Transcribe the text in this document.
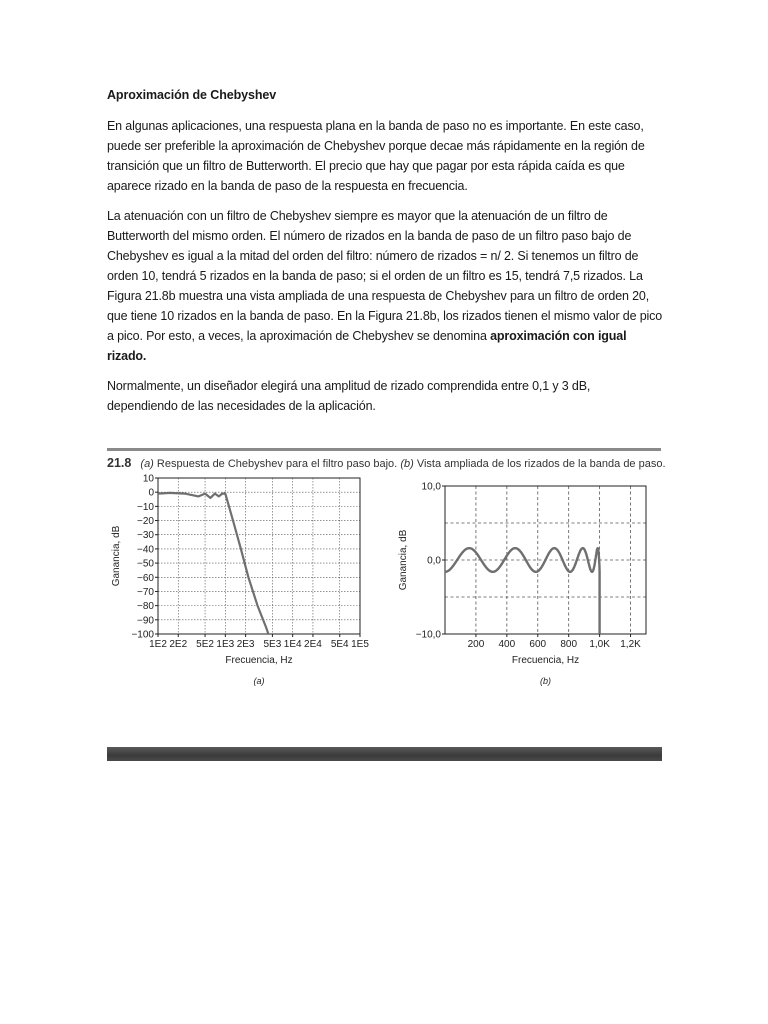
Aproximación de Chebyshev

En algunas aplicaciones, una respuesta plana en la banda de paso no es importante. En este caso, puede ser preferible la aproximación de Chebyshev porque decae más rápidamente en la región de transición que un filtro de Butterworth. El precio que hay que pagar por esta rápida caída es que aparece rizado en la banda de paso de la respuesta en frecuencia.

La atenuación con un filtro de Chebyshev siempre es mayor que la atenuación de un filtro de Butterworth del mismo orden. El número de rizados en la banda de paso de un filtro paso bajo de Chebyshev es igual a la mitad del orden del filtro: número de rizados = n/ 2. Si tenemos un filtro de orden 10, tendrá 5 rizados en la banda de paso; si el orden de un filtro es 15, tendrá 7,5 rizados. La Figura 21.8b muestra una vista ampliada de una respuesta de Chebyshev para un filtro de orden 20, que tiene 10 rizados en la banda de paso. En la Figura 21.8b, los rizados tienen el mismo valor de pico a pico. Por esto, a veces, la aproximación de Chebyshev se denomina aproximación con igual rizado.

Normalmente, un diseñador elegirá una amplitud de rizado comprendida entre 0,1 y 3 dB, dependiendo de las necesidades de la aplicación.

21.8 (a) Respuesta de Chebyshev para el filtro paso bajo. (b) Vista ampliada de los rizados de la banda de paso.
10
0
−10
−20
−30
−40
−50
−60
−70
−80
−90
−100
1E2 2E2 5E2 1E3 2E3 5E3 1E4 2E4 5E4 1E5
Frecuencia, Hz
Ganancia, dB
(a)
10,0
0,0
−10,0
200 400 600 800 1,0K 1,2K
Frecuencia, Hz
Ganancia, dB
(b)
